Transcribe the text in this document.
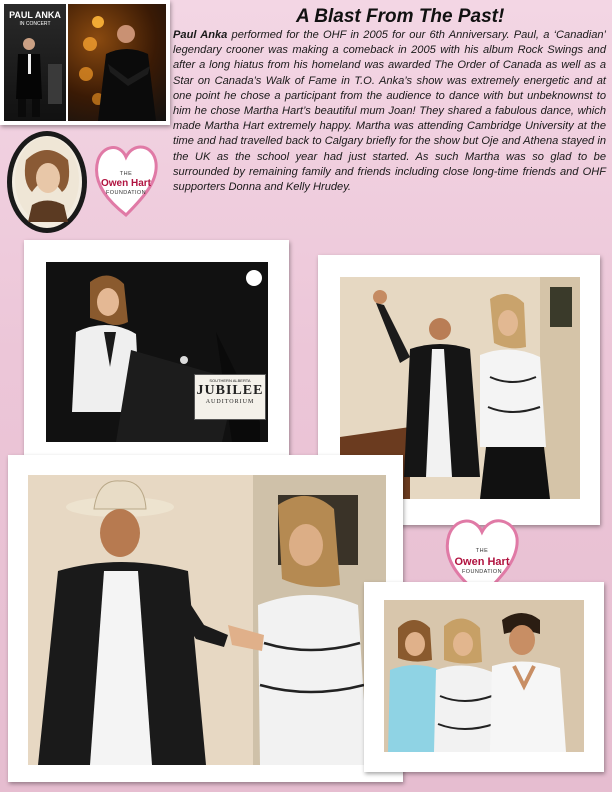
PAUL ANKA
IN CONCERT	A Blast From The Past!

Paul Anka performed for the OHF in 2005 for our 6th Anniversary. Paul, a ‘Canadian’ legendary crooner was making a comeback in 2005 with his album Rock Swings and after a long hiatus from his homeland was awarded The Order of Canada as well as a Star on Canada’s Walk of Fame in T.O. Anka’s show was extremely energetic and at one point he chose a participant from the audience to dance with but unbeknownst to him he chose Martha Hart’s beautiful mum Joan! They shared a fabulous dance, which made Martha Hart extremely happy. Martha was attending Cambridge University at the time and had travelled back to Calgary briefly for the show but Oje and Athena stayed in the UK as the school year had just started. As such Martha was so glad to be surrounded by remaining family and friends including close long-time friends and OHF supporters Donna and Kelly Hrudey.

THE
Owen Hart
FOUNDATION
SOUTHERN ALBERTA
JUBILEE
AUDITORIUM
THE
Owen Hart
FOUNDATION
